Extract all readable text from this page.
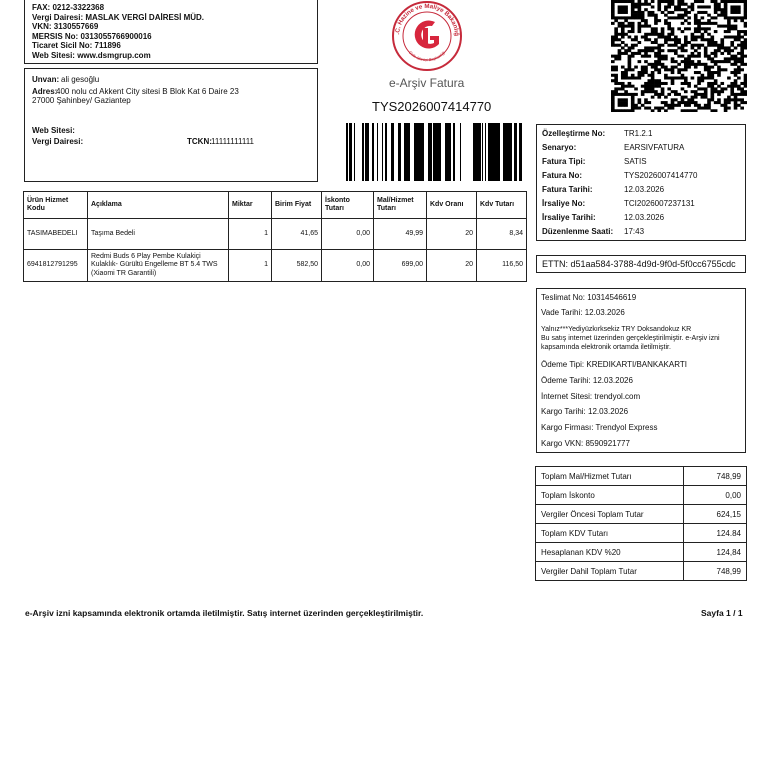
FAX: 0212-3322368
Vergi Dairesi: MASLAK VERGİ DAİRESİ MÜD.
VKN: 3130557669
MERSIS No: 0313055766900016
Ticaret Sicil No: 711896
Web Sitesi: www.dsmgrup.com
Unvan: ali gesoğlu
Adres:
400 nolu cd Akkent City sitesi B Blok Kat 6 Daire 23
27000 Şahinbey/ Gaziantep
Web Sitesi:
Vergi Dairesi:	TCKN: 11111111111
.C. Hazine ve Maliye Bakanlığ
Gelir İdaresi Başkanlığı
e-Arşiv Fatura
TYS2026007414770
Özelleştirme No: TR1.2.1
Senaryo:	EARSIVFATURA
Fatura Tipi:	SATIS
Fatura No:	TYS2026007414770
Fatura Tarihi:	12.03.2026
İrsaliye No:	TCI2026007237131
İrsaliye Tarihi:	12.03.2026
Düzenlenme Saati: 17:43
ETTN: d51aa584-3788-4d9d-9f0d-5f0cc6755cdc
Ürün Hizmet Kodu	Açıklama	Miktar	Birim Fiyat	İskonto Tutarı	Mal/Hizmet Tutarı	Kdv Oranı	Kdv Tutarı
TASIMABEDELI	Taşıma Bedeli	1	41,65	0,00	49,99	20	8,34
6941812791295	Redmi Buds 6 Play Pembe Kulakiçi Kulaklık- Gürültü Engelleme BT 5.4 TWS (Xiaomi TR Garantili)	1	582,50	0,00	699,00	20	116,50
Teslimat No: 10314546619
Vade Tarihi: 12.03.2026
Yalnız***Yediyüzkırksekiz TRY Doksandokuz KR
Bu satış internet üzerinden gerçekleştirilmiştir. e-Arşiv izni
kapsamında elektronik ortamda iletilmiştir.
Ödeme Tipi: KREDIKARTI/BANKAKARTI
Ödeme Tarihi: 12.03.2026
İnternet Sitesi: trendyol.com
Kargo Tarihi: 12.03.2026
Kargo Firması: Trendyol Express
Kargo VKN: 8590921777
Toplam Mal/Hizmet Tutarı	748,99
Toplam İskonto	0,00
Vergiler Öncesi Toplam Tutar	624,15
Toplam KDV Tutarı	124.84
Hesaplanan KDV %20	124,84
Vergiler Dahil Toplam Tutar	748,99
e-Arşiv izni kapsamında elektronik ortamda iletilmiştir. Satış internet üzerinden gerçekleştirilmiştir.	Sayfa 1 / 1
